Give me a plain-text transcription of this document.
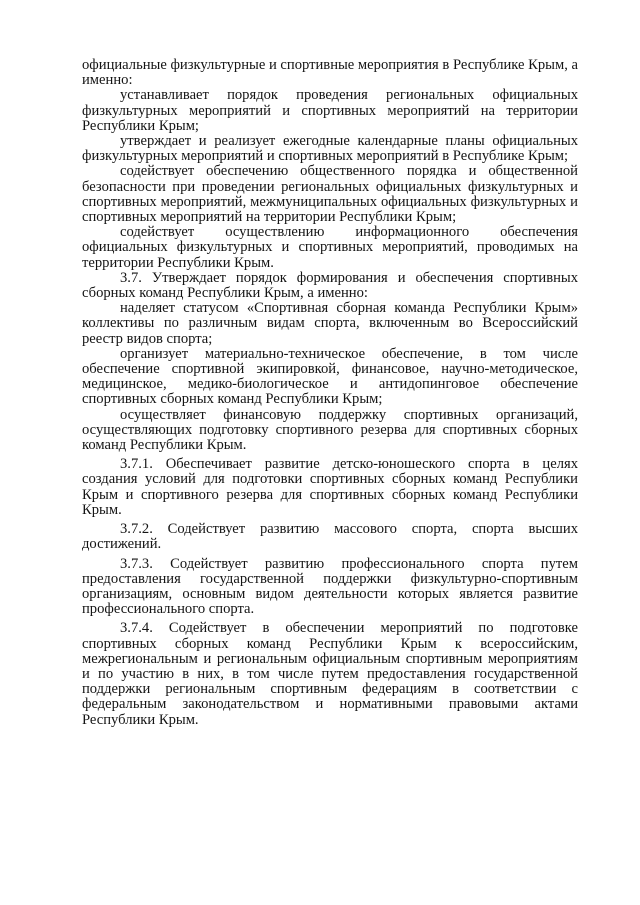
официальные физкультурные и спортивные мероприятия в Республике Крым, а именно:

устанавливает порядок проведения региональных официальных физкультурных мероприятий и спортивных мероприятий на территории Республики Крым;

утверждает и реализует ежегодные календарные планы официальных физкультурных мероприятий и спортивных мероприятий в Республике Крым;

содействует обеспечению общественного порядка и общественной безопасности при проведении региональных официальных физкультурных и спортивных мероприятий, межмуниципальных официальных физкультурных и спортивных мероприятий на территории Республики Крым;

содействует осуществлению информационного обеспечения официальных физкультурных и спортивных мероприятий, проводимых на территории Республики Крым.

3.7. Утверждает порядок формирования и обеспечения спортивных сборных команд Республики Крым, а именно:

наделяет статусом «Спортивная сборная команда Республики Крым» коллективы по различным видам спорта, включенным во Всероссийский реестр видов спорта;

организует материально-техническое обеспечение, в том числе обеспечение спортивной экипировкой, финансовое, научно-методическое, медицинское, медико-биологическое и антидопинговое обеспечение спортивных сборных команд Республики Крым;

осуществляет финансовую поддержку спортивных организаций, осуществляющих подготовку спортивного резерва для спортивных сборных команд Республики Крым.

3.7.1. Обеспечивает развитие детско-юношеского спорта в целях создания условий для подготовки спортивных сборных команд Республики Крым и спортивного резерва для спортивных сборных команд Республики Крым.

3.7.2. Содействует развитию массового спорта, спорта высших достижений.

3.7.3. Содействует развитию профессионального спорта путем предоставления государственной поддержки физкультурно-спортивным организациям, основным видом деятельности которых является развитие профессионального спорта.

3.7.4. Содействует в обеспечении мероприятий по подготовке спортивных сборных команд Республики Крым к всероссийским, межрегиональным и региональным официальным спортивным мероприятиям и по участию в них, в том числе путем предоставления государственной поддержки региональным спортивным федерациям в соответствии с федеральным законодательством и нормативными правовыми актами Республики Крым.
